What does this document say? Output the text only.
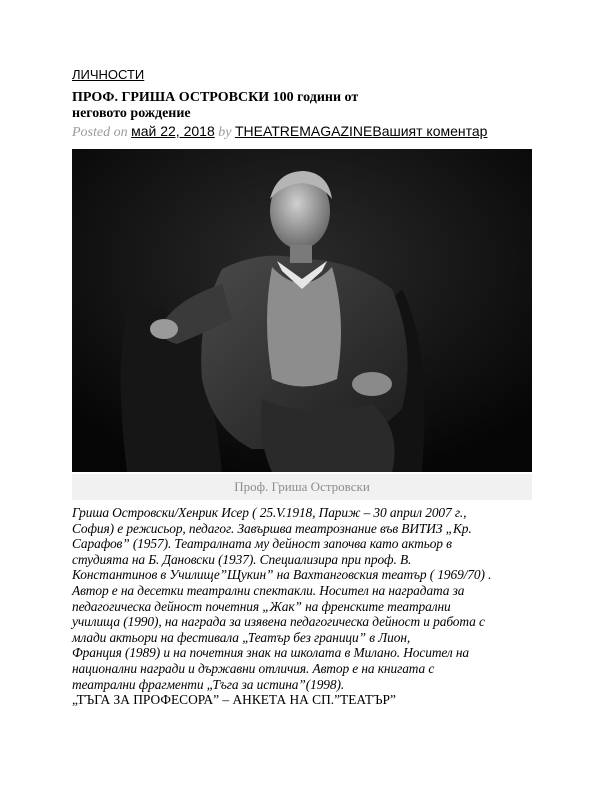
ЛИЧНОСТИ
ПРОФ. ГРИША ОСТРОВСКИ 100 години от
неговото рождение
Posted on май 22, 2018 by THEATREMAGAZINEВашият коментар
Проф. Гриша Островски
Гриша Островски/Хенрик Исер ( 25.V.1918, Париж – 30 април 2007 г.,
София) е режисьор, педагог. Завършва театрознание във ВИТИЗ „Кр.
Сарафов” (1957). Театралната му дейност започва като актьор в
студията на Б. Дановски (1937). Специализира при проф. В.
Константинов в Училище”Щукин” на Вахтанговския театър ( 1969/70) .
Автор е на десетки театрални спектакли. Носител на наградата за
педагогическа дейност почетния „Жак” на френските театрални
училища (1990), на награда за изявена педагогическа дейност и работа с
млади актьори на фестивала „Театър без граници” в Лион,
Франция (1989) и на почетния знак на школата в Милано. Носител на
национални награди и държавни отличия. Автор е на книгата с
театрални фрагменти „Тъга за истина”(1998).
„ТЪГА ЗА ПРОФЕСОРА” – АНКЕТА НА СП.”ТЕАТЪР”
